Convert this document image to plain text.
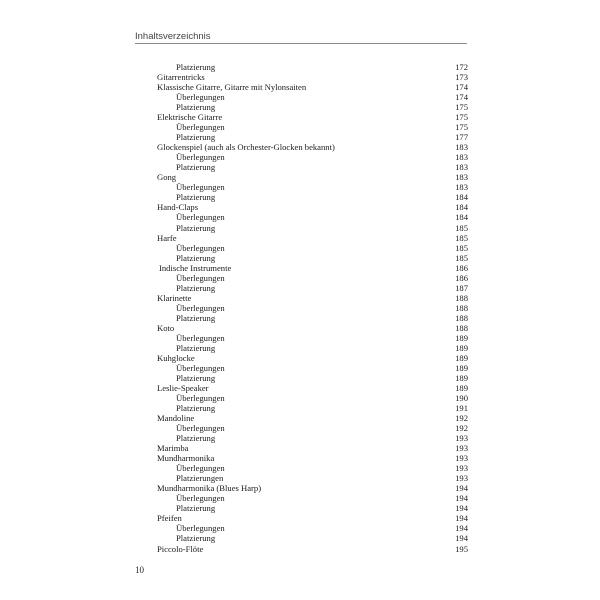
Inhaltsverzeichnis
Platzierung	172
Gitarrentricks	173
Klassische Gitarre, Gitarre mit Nylonsaiten	174
Überlegungen	174
Platzierung	175
Elektrische Gitarre	175
Überlegungen	175
Platzierung	177
Glockenspiel (auch als Orchester-Glocken bekannt)	183
Überlegungen	183
Platzierung	183
Gong	183
Überlegungen	183
Platzierung	184
Hand-Claps	184
Überlegungen	184
Platzierung	185
Harfe	185
Überlegungen	185
Platzierung	185
Indische Instrumente	186
Überlegungen	186
Platzierung	187
Klarinette	188
Überlegungen	188
Platzierung	188
Koto	188
Überlegungen	189
Platzierung	189
Kuhglocke	189
Überlegungen	189
Platzierung	189
Leslie-Speaker	189
Überlegungen	190
Platzierung	191
Mandoline	192
Überlegungen	192
Platzierung	193
Marimba	193
Mundharmonika	193
Überlegungen	193
Platzierungen	193
Mundharmonika (Blues Harp)	194
Überlegungen	194
Platzierung	194
Pfeifen	194
Überlegungen	194
Platzierung	194
Piccolo-Flöte	195
10
